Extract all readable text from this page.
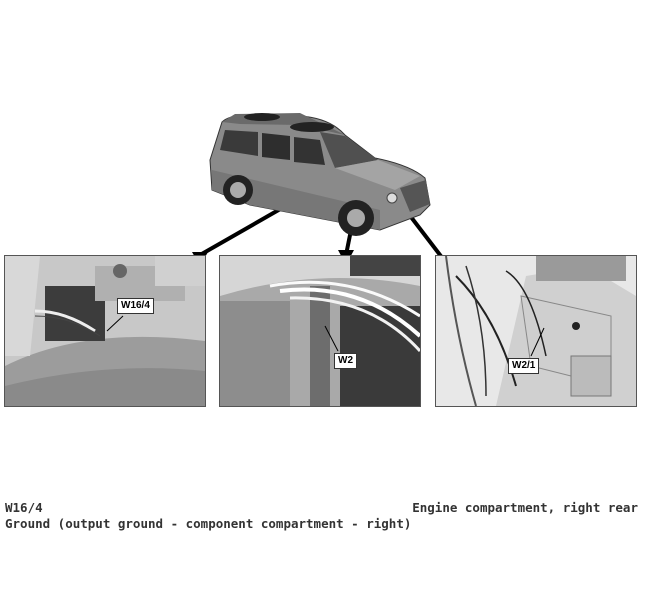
W16/4
W2	W2/1
W16/4
Ground (output ground - component compartment - right)
Engine compartment, right rear
